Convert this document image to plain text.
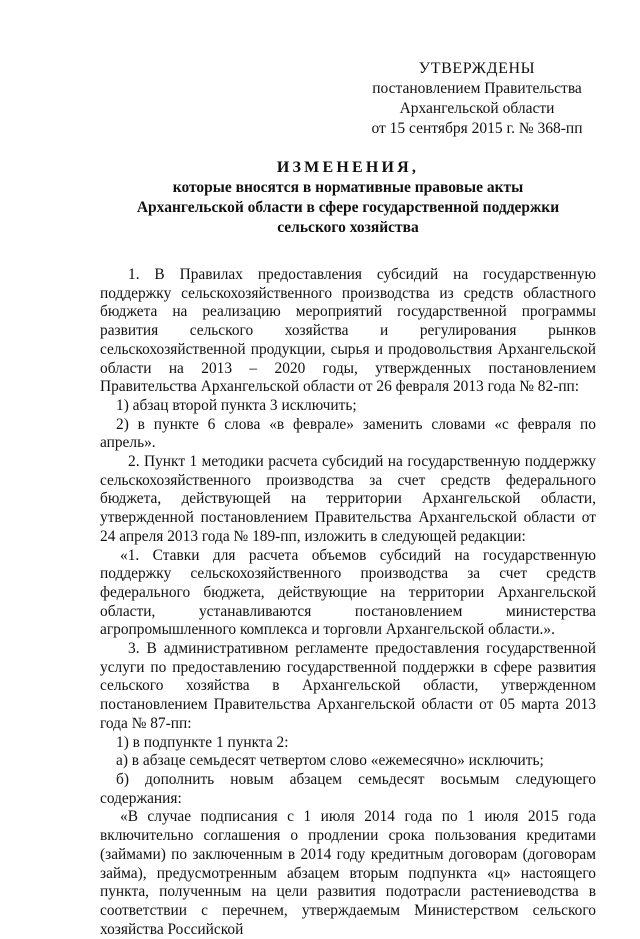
УТВЕРЖДЕНЫ
постановлением Правительства
Архангельской области
от 15 сентября 2015 г. № 368-пп
ИЗМЕНЕНИЯ,
которые вносятся в нормативные правовые акты
Архангельской области в сфере государственной поддержки
сельского хозяйства

1. В Правилах предоставления субсидий на государственную поддержку сельскохозяйственного производства из средств областного бюджета на реализацию мероприятий государственной программы развития сельского хозяйства и регулирования рынков сельскохозяйственной продукции, сырья и продовольствия Архангельской области на 2013 – 2020 годы, утвержденных постановлением Правительства Архангельской области от 26 февраля 2013 года № 82-пп:

1) абзац второй пункта 3 исключить;

2) в пункте 6 слова «в феврале» заменить словами «с февраля по апрель».

2. Пункт 1 методики расчета субсидий на государственную поддержку сельскохозяйственного производства за счет средств федерального бюджета, действующей на территории Архангельской области, утвержденной постановлением Правительства Архангельской области от 24 апреля 2013 года № 189-пп, изложить в следующей редакции:

«1. Ставки для расчета объемов субсидий на государственную поддержку сельскохозяйственного производства за счет средств федерального бюджета, действующие на территории Архангельской области, устанавливаются постановлением министерства агропромышленного комплекса и торговли Архангельской области.».

3. В административном регламенте предоставления государственной услуги по предоставлению государственной поддержки в сфере развития сельского хозяйства в Архангельской области, утвержденном постановлением Правительства Архангельской области от 05 марта 2013 года № 87-пп:

1) в подпункте 1 пункта 2:

а) в абзаце семьдесят четвертом слово «ежемесячно» исключить;

б) дополнить новым абзацем семьдесят восьмым следующего содержания:

«В случае подписания с 1 июля 2014 года по 1 июля 2015 года включительно соглашения о продлении срока пользования кредитами (займами) по заключенным в 2014 году кредитным договорам (договорам займа), предусмотренным абзацем вторым подпункта «ц» настоящего пункта, полученным на цели развития подотрасли растениеводства в соответствии с перечнем, утверждаемым Министерством сельского хозяйства Российской
